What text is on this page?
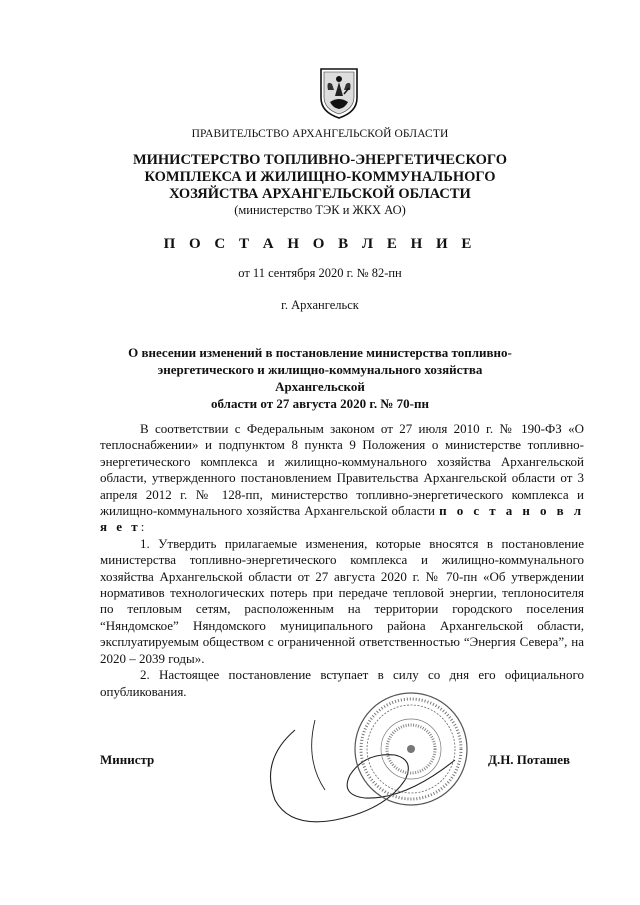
ПРАВИТЕЛЬСТВО АРХАНГЕЛЬСКОЙ ОБЛАСТИ
МИНИСТЕРСТВО ТОПЛИВНО-ЭНЕРГЕТИЧЕСКОГО
КОМПЛЕКСА И ЖИЛИЩНО-КОММУНАЛЬНОГО
ХОЗЯЙСТВА АРХАНГЕЛЬСКОЙ ОБЛАСТИ
(министерство ТЭК и ЖКХ АО)
П О С Т А Н О В Л Е Н И Е
от 11 сентября 2020 г. № 82-пн
г. Архангельск
О внесении изменений в постановление министерства топливно-
энергетического и жилищно-коммунального хозяйства Архангельской
области от 27 августа 2020 г. № 70-пн

В соответствии с Федеральным законом от 27 июля 2010 г. № 190-ФЗ «О теплоснабжении» и подпунктом 8 пункта 9 Положения о министерстве топливно-энергетического комплекса и жилищно-коммунального хозяйства Архангельской области, утвержденного постановлением Правительства Архангельской области от 3 апреля 2012 г. № 128-пп, министерство топливно-энергетического комплекса и жилищно-коммунального хозяйства Архангельской области п о с т а н о в л я е т:

1. Утвердить прилагаемые изменения, которые вносятся в постановление министерства топливно-энергетического комплекса и жилищно-коммунального хозяйства Архангельской области от 27 августа 2020 г. № 70-пн «Об утверждении нормативов технологических потерь при передаче тепловой энергии, теплоносителя по тепловым сетям, расположенным на территории городского поселения “Няндомское” Няндомского муниципального района Архангельской области, эксплуатируемым обществом с ограниченной ответственностью “Энергия Севера”, на 2020 – 2039 годы».

2. Настоящее постановление вступает в силу со дня его официального опубликования.

Министр	Д.Н. Поташев
